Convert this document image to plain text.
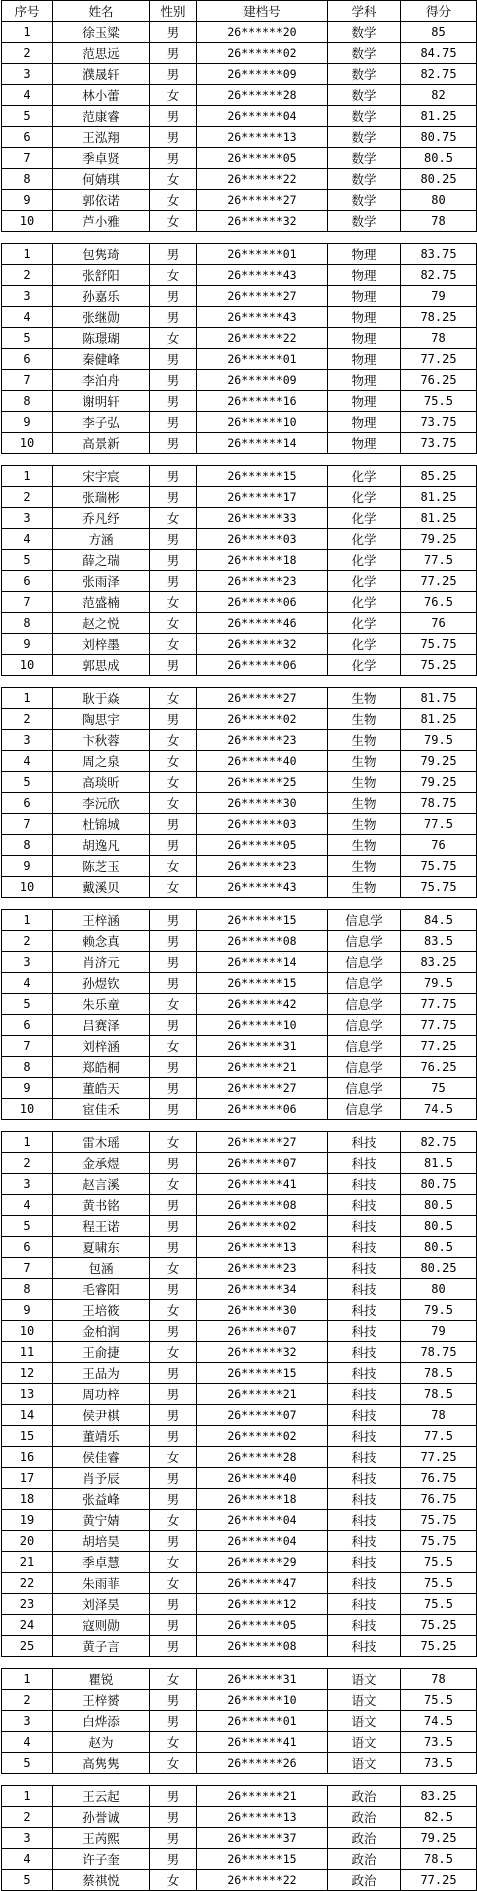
序号	姓名	性别	建档号	学科	得分
1	徐玉粱	男	26******20	数学	85
2	范思远	男	26******02	数学	84.75
3	濮晟轩	男	26******09	数学	82.75
4	林小蕾	女	26******28	数学	82
5	范康睿	男	26******04	数学	81.25
6	王泓翔	男	26******13	数学	80.75
7	季卓贤	男	26******05	数学	80.5
8	何婧琪	女	26******22	数学	80.25
9	郭依诺	女	26******27	数学	80
10	芦小雅	女	26******32	数学	78

1	包隽琦	男	26******01	物理	83.75
2	张舒阳	女	26******43	物理	82.75
3	孙嘉乐	男	26******27	物理	79
4	张继勋	男	26******43	物理	78.25
5	陈璟瑚	女	26******22	物理	78
6	秦健峰	男	26******01	物理	77.25
7	李泊舟	男	26******09	物理	76.25
8	谢明轩	男	26******16	物理	75.5
9	李子弘	男	26******10	物理	73.75
10	高景新	男	26******14	物理	73.75

1	宋宇宸	男	26******15	化学	85.25
2	张瑞彬	男	26******17	化学	81.25
3	乔凡纾	女	26******33	化学	81.25
4	方涵	男	26******03	化学	79.25
5	薛之瑞	男	26******18	化学	77.5
6	张雨泽	男	26******23	化学	77.25
7	范盛楠	女	26******06	化学	76.5
8	赵之悦	女	26******46	化学	76
9	刘梓墨	女	26******32	化学	75.75
10	郭思成	男	26******06	化学	75.25

1	耿于焱	女	26******27	生物	81.75
2	陶思宇	男	26******02	生物	81.25
3	卞秋蓉	女	26******23	生物	79.5
4	周之泉	女	26******40	生物	79.25
5	高琰昕	女	26******25	生物	79.25
6	李沅欣	女	26******30	生物	78.75
7	杜锦城	男	26******03	生物	77.5
8	胡逸凡	男	26******05	生物	76
9	陈芝玉	女	26******23	生物	75.75
10	戴溪贝	女	26******43	生物	75.75

1	王梓涵	男	26******15	信息学	84.5
2	赖念真	男	26******08	信息学	83.5
3	肖济元	男	26******14	信息学	83.25
4	孙煜钦	男	26******15	信息学	79.5
5	朱乐童	女	26******42	信息学	77.75
6	吕赛泽	男	26******10	信息学	77.75
7	刘梓涵	女	26******31	信息学	77.25
8	郑皓桐	男	26******21	信息学	76.25
9	董皓天	男	26******27	信息学	75
10	宦佳禾	男	26******06	信息学	74.5

1	雷木瑶	女	26******27	科技	82.75
2	金承煜	男	26******07	科技	81.5
3	赵言溪	女	26******41	科技	80.75
4	黄书铭	男	26******08	科技	80.5
5	程王诺	男	26******02	科技	80.5
6	夏啸东	男	26******13	科技	80.5
7	包涵	女	26******23	科技	80.25
8	毛睿阳	男	26******34	科技	80
9	王培筱	女	26******30	科技	79.5
10	金柏润	男	26******07	科技	79
11	王俞捷	女	26******32	科技	78.75
12	王品为	男	26******15	科技	78.5
13	周功梓	男	26******21	科技	78.5
14	侯尹棋	男	26******07	科技	78
15	董靖乐	男	26******02	科技	77.5
16	侯佳睿	女	26******28	科技	77.25
17	肖予辰	男	26******40	科技	76.75
18	张益峰	男	26******18	科技	76.75
19	黄宁婧	女	26******04	科技	75.75
20	胡培昊	男	26******04	科技	75.75
21	季卓慧	女	26******29	科技	75.5
22	朱雨菲	女	26******47	科技	75.5
23	刘泽昊	男	26******12	科技	75.5
24	寇则勋	男	26******05	科技	75.25
25	黄子言	男	26******08	科技	75.25

1	瞿锐	女	26******31	语文	78
2	王梓赟	男	26******10	语文	75.5
3	白烨添	男	26******01	语文	74.5
4	赵为	女	26******41	语文	73.5
5	高隽隽	女	26******26	语文	73.5

1	王云起	男	26******21	政治	83.25
2	孙誉诚	男	26******13	政治	82.5
3	王芮熙	男	26******37	政治	79.25
4	许子奎	男	26******15	政治	78.5
5	蔡祺悦	女	26******22	政治	77.25
